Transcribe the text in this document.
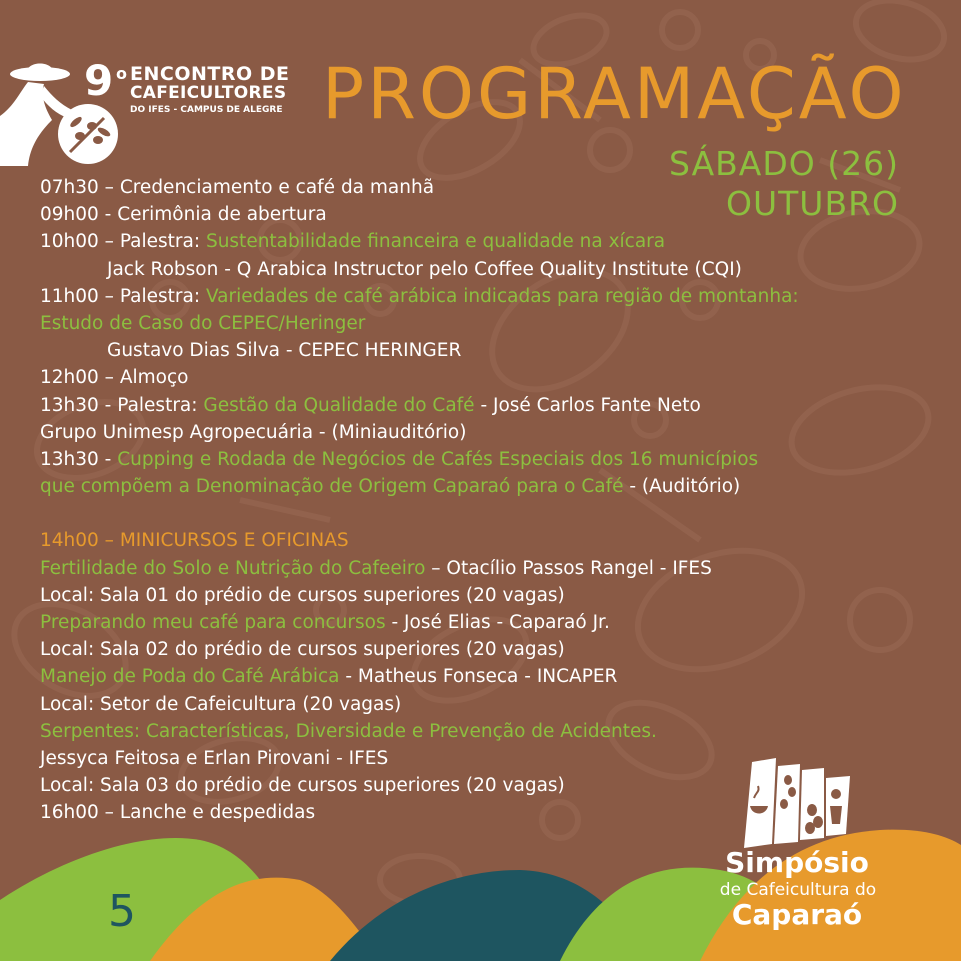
9 o ENCONTRO DE
CAFEICULTORES
DO IFES - CAMPUS DE ALEGRE PROGRAMAÇÃO
SÁBADO (26)
OUTUBRO
07h30 – Credenciamento e café da manhã
09h00 - Cerimônia de abertura
10h00 – Palestra: Sustentabilidade financeira e qualidade na xícara
Jack Robson - Q Arabica Instructor pelo Coffee Quality Institute (CQI)
11h00 – Palestra: Variedades de café arábica indicadas para região de montanha:
Estudo de Caso do CEPEC/Heringer
Gustavo Dias Silva - CEPEC HERINGER
12h00 – Almoço
13h30 - Palestra: Gestão da Qualidade do Café - José Carlos Fante Neto
Grupo Unimesp Agropecuária - (Miniauditório)
13h30 - Cupping e Rodada de Negócios de Cafés Especiais dos 16 municípios
que compõem a Denominação de Origem Caparaó para o Café - (Auditório)
14h00 – MINICURSOS E OFICINAS
Fertilidade do Solo e Nutrição do Cafeeiro – Otacílio Passos Rangel - IFES
Local: Sala 01 do prédio de cursos superiores (20 vagas)
Preparando meu café para concursos - José Elias - Caparaó Jr.
Local: Sala 02 do prédio de cursos superiores (20 vagas)
Manejo de Poda do Café Arábica - Matheus Fonseca - INCAPER
Local: Setor de Cafeicultura (20 vagas)
Serpentes: Características, Diversidade e Prevenção de Acidentes.
Jessyca Feitosa e Erlan Pirovani - IFES
Local: Sala 03 do prédio de cursos superiores (20 vagas)
16h00 – Lanche e despedidas
5
Simpósio
de Cafeicultura do
Caparaó
